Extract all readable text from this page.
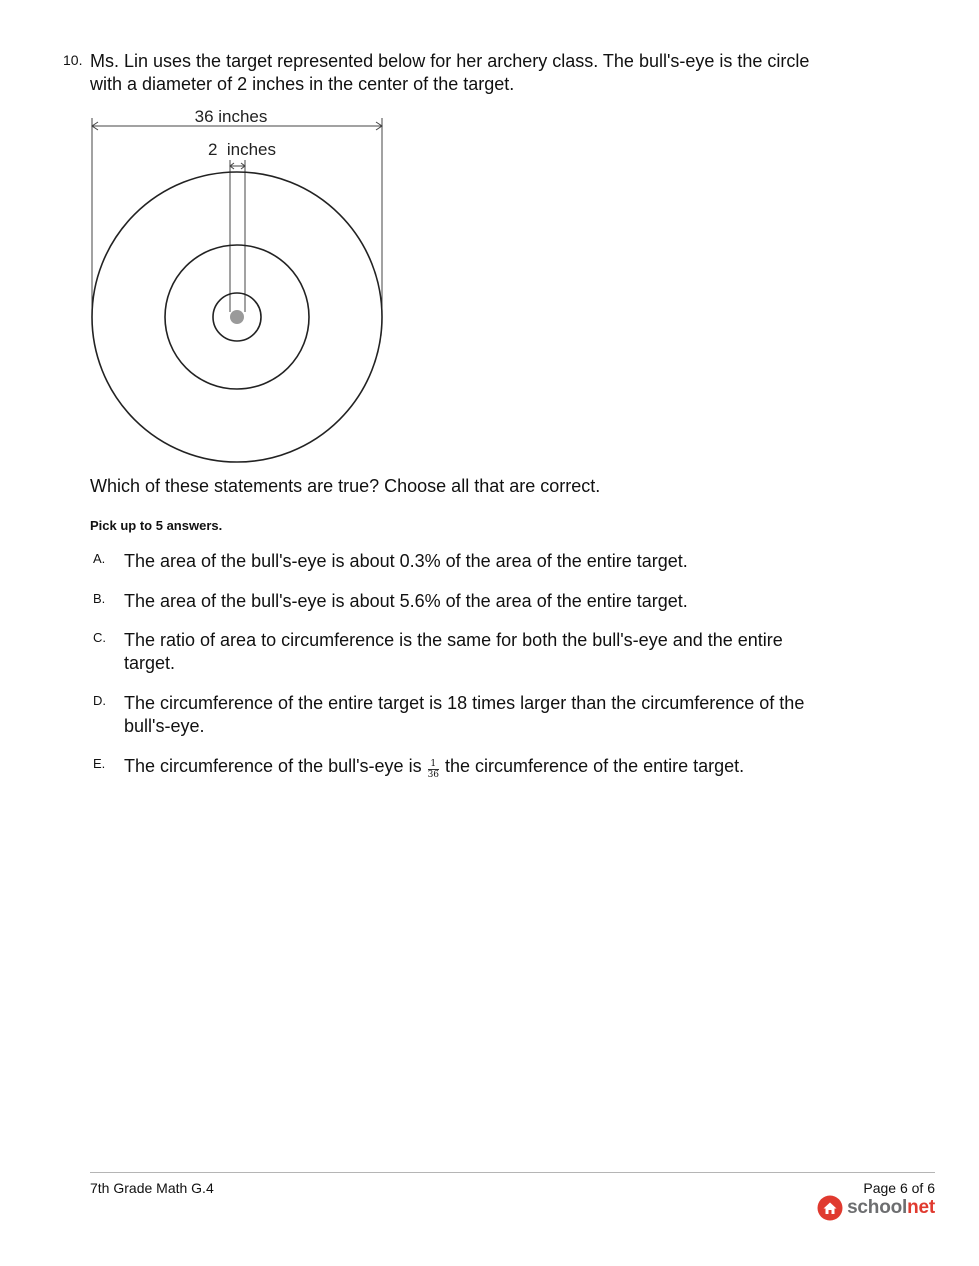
10. Ms. Lin uses the target represented below for her archery class. The bull's-eye is the circle with a diameter of 2 inches in the center of the target.
36 inches
2  inches
Which of these statements are true? Choose all that are correct.
Pick up to 5 answers.
A. The area of the bull's-eye is about 0.3% of the area of the entire target.
B. The area of the bull's-eye is about 5.6% of the area of the entire target.
C. The ratio of area to circumference is the same for both the bull's-eye and the entire target.
D. The circumference of the entire target is 18 times larger than the circumference of the bull's-eye.
E. The circumference of the bull's-eye is $\frac{1}{36}$ the circumference of the entire target.
7th Grade Math G.4	Page 6 of 6
schoolnet
